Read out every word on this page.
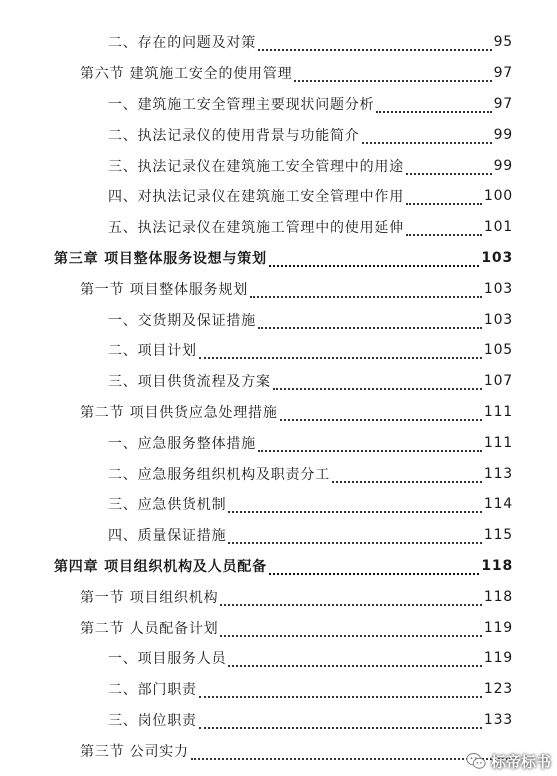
二、存在的问题及对策	95
第六节 建筑施工安全的使用管理	97
一、建筑施工安全管理主要现状问题分析	97
二、执法记录仪的使用背景与功能简介	99
三、执法记录仪在建筑施工安全管理中的用途	99
四、对执法记录仪在建筑施工安全管理中作用	100
五、执法记录仪在建筑施工管理中的使用延伸	101
第三章 项目整体服务设想与策划	103
第一节 项目整体服务规划	103
一、交货期及保证措施	103
二、项目计划	105
三、项目供货流程及方案	107
第二节 项目供货应急处理措施	111
一、应急服务整体措施	111
二、应急服务组织机构及职责分工	113
三、应急供货机制	114
四、质量保证措施	115
第四章 项目组织机构及人员配备	118
第一节 项目组织机构	118
第二节 人员配备计划	119
一、项目服务人员	119
二、部门职责	123
三、岗位职责	133
第三节 公司实力
标帝标书
